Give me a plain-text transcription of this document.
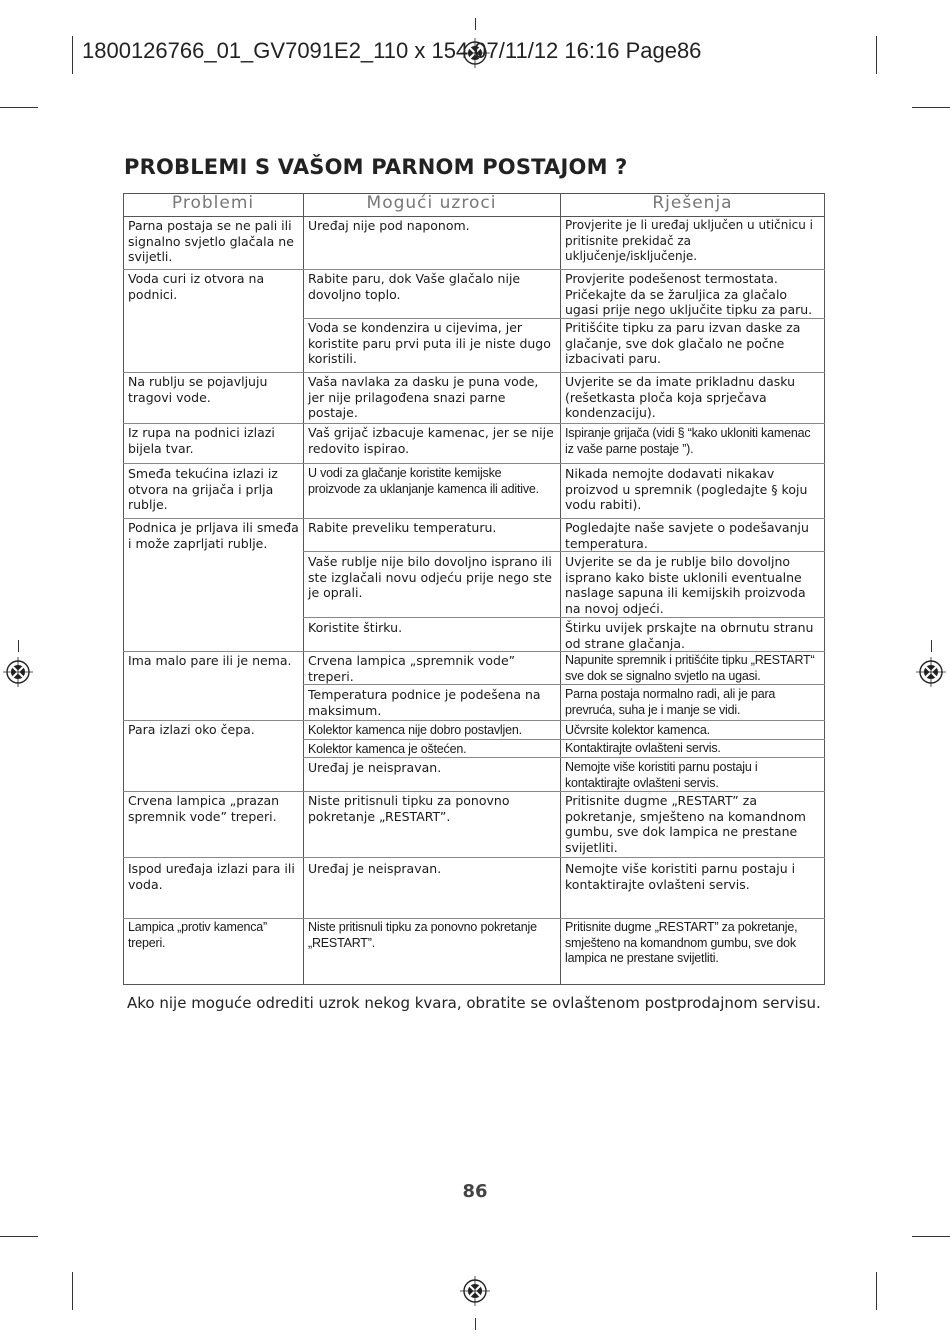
1800126766_01_GV7091E2_110 x 154 07/11/12 16:16 Page86
PROBLEMI S VAŠOM PARNOM POSTAJOM ?
Problemi	Mogući uzroci	Rješenja
Parna postaja se ne pali ili signalno svjetlo glačala ne svijetli.
Voda curi iz otvora na podnici.
Na rublju se pojavljuju tragovi vode.
Iz rupa na podnici izlazi bijela tvar.
Smeđa tekućina izlazi iz otvora na grijača i prlja rublje.
Podnica je prljava ili smeđa i može zaprljati rublje.
Ima malo pare ili je nema.
Para izlazi oko čepa.
Crvena lampica „prazan spremnik vode” treperi.
Ispod uređaja izlazi para ili voda.
Lampica „protiv kamenca” treperi.
Uređaj nije pod naponom.
Rabite paru, dok Vaše glačalo nije dovoljno toplo.
Voda se kondenzira u cijevima, jer koristite paru prvi puta ili je niste dugo koristili.
Vaša navlaka za dasku je puna vode, jer nije prilagođena snazi parne postaje.
Vaš grijač izbacuje kamenac, jer se nije redovito ispirao.
U vodi za glačanje koristite kemijske proizvode za uklanjanje kamenca ili aditive.
Rabite preveliku temperaturu.
Vaše rublje nije bilo dovoljno isprano ili ste izglačali novu odjeću prije nego ste je oprali.
Koristite štirku.
Crvena lampica „spremnik vode” treperi.
Temperatura podnice je podešena na maksimum.
Kolektor kamenca nije dobro postavljen.
Kolektor kamenca je oštećen.
Uređaj je neispravan.
Niste pritisnuli tipku za ponovno pokretanje „RESTART”.
Uređaj je neispravan.
Niste pritisnuli tipku za ponovno pokretanje „RESTART”.
Provjerite je li uređaj uključen u utičnicu i pritisnite prekidač za uključenje/isključenje.
Provjerite podešenost termostata. Pričekajte da se žaruljica za glačalo ugasi prije nego uključite tipku za paru.
Pritišćite tipku za paru izvan daske za glačanje, sve dok glačalo ne počne izbacivati paru.
Uvjerite se da imate prikladnu dasku (rešetkasta ploča koja sprječava kondenzaciju).
Ispiranje grijača (vidi § “kako ukloniti kamenac iz vaše parne postaje ”).
Nikada nemojte dodavati nikakav proizvod u spremnik (pogledajte § koju vodu rabiti).
Pogledajte naše savjete o podešavanju temperatura.
Uvjerite se da je rublje bilo dovoljno isprano kako biste uklonili eventualne naslage sapuna ili kemijskih proizvoda na novoj odjeći.
Štirku uvijek prskajte na obrnutu stranu od strane glačanja.
Napunite spremnik i pritišćite tipku „RESTART“ sve dok se signalno svjetlo na ugasi.
Parna postaja normalno radi, ali je para prevruća, suha je i manje se vidi.
Učvrsite kolektor kamenca.
Kontaktirajte ovlašteni servis.
Nemojte više koristiti parnu postaju i kontaktirajte ovlašteni servis.
Pritisnite dugme „RESTART” za pokretanje, smješteno na komandnom gumbu, sve dok lampica ne prestane svijetliti.
Nemojte više koristiti parnu postaju i kontaktirajte ovlašteni servis.
Pritisnite dugme „RESTART” za pokretanje, smješteno na komandnom gumbu, sve dok lampica ne prestane svijetliti.
Ako nije moguće odrediti uzrok nekog kvara, obratite se ovlaštenom postprodajnom servisu.
86
